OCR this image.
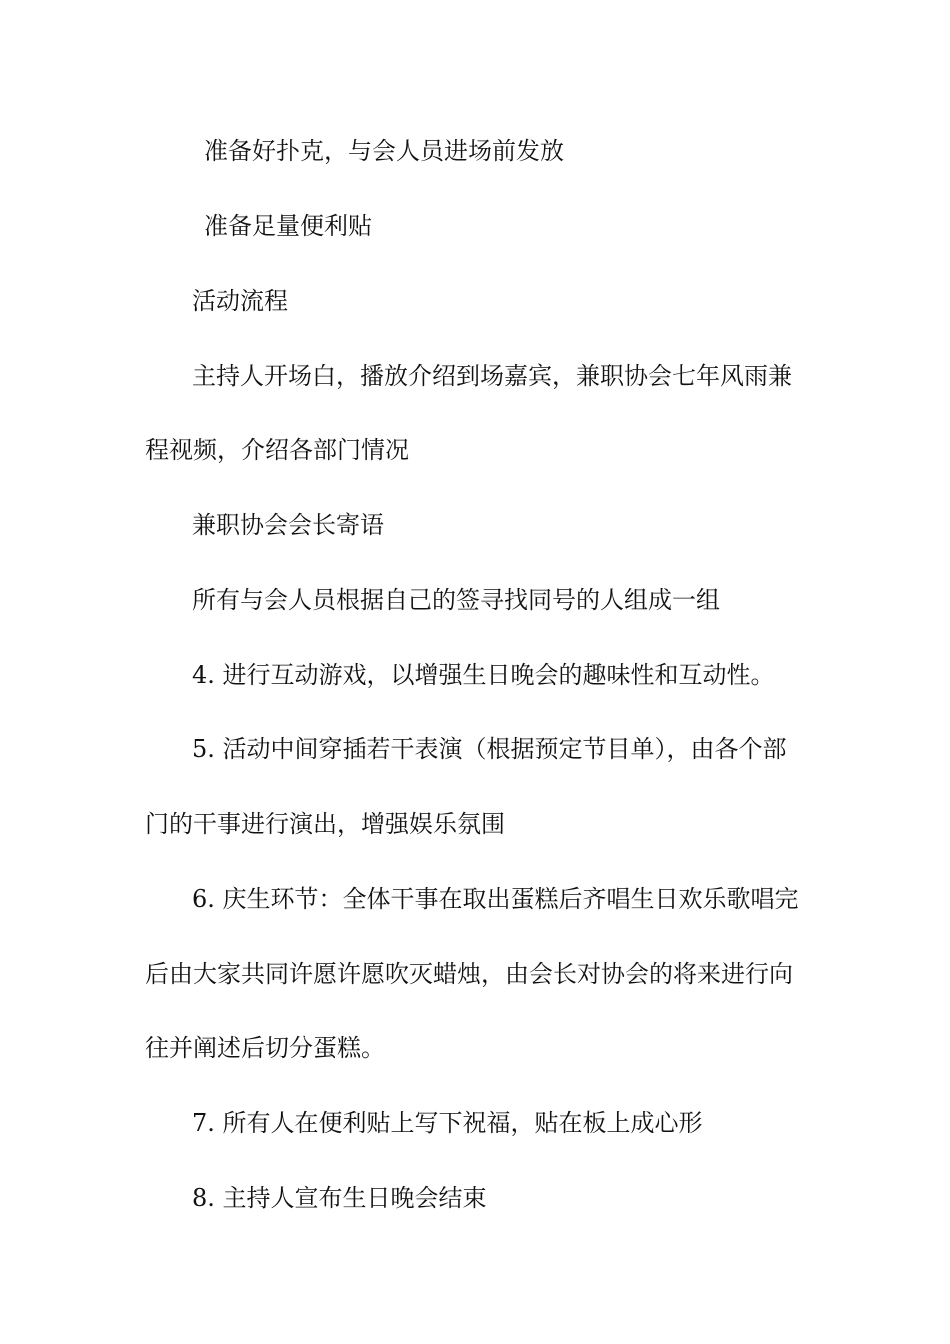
准备好扑克，与会人员进场前发放
准备足量便利贴
活动流程
主持人开场白，播放介绍到场嘉宾，兼职协会七年风雨兼
程视频，介绍各部门情况
兼职协会会长寄语
所有与会人员根据自己的签寻找同号的人组成一组
4. 进行互动游戏，以增强生日晚会的趣味性和互动性。
5. 活动中间穿插若干表演（根据预定节目单），由各个部
门的干事进行演出，增强娱乐氛围
6. 庆生环节：全体干事在取出蛋糕后齐唱生日欢乐歌唱完
后由大家共同许愿许愿吹灭蜡烛，由会长对协会的将来进行向
往并阐述后切分蛋糕。
7. 所有人在便利贴上写下祝福，贴在板上成心形
8. 主持人宣布生日晚会结束
